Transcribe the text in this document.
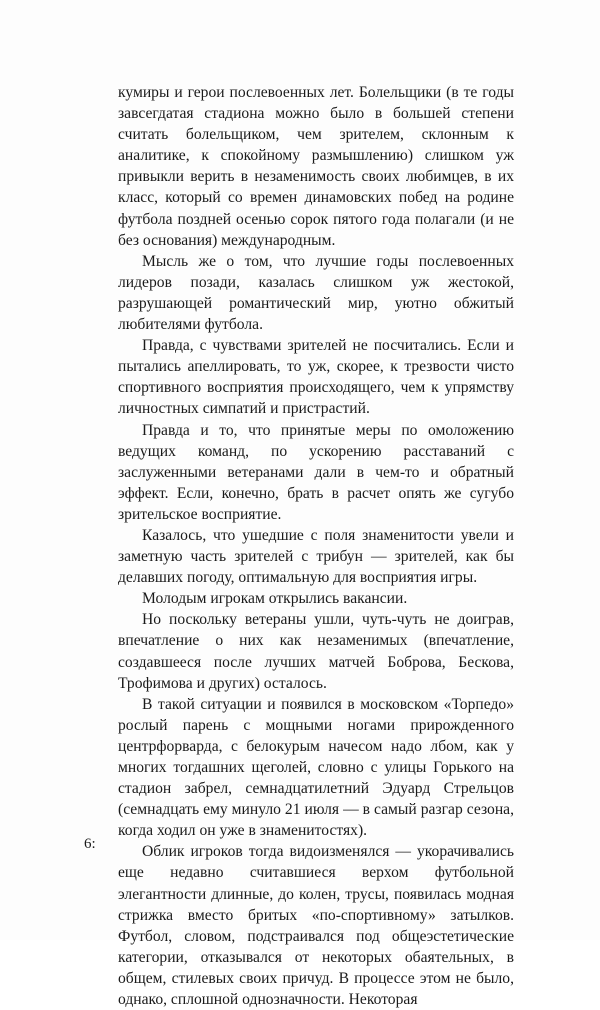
кумиры и герои послевоенных лет. Болельщики (в те годы завсегдатая стадиона можно было в большей степени считать болельщиком, чем зрителем, склонным к аналитике, к спокойному размышлению) слишком уж привыкли верить в незаменимость своих любимцев, в их класс, который со времен динамовских побед на родине футбола поздней осенью сорок пятого года полагали (и не без основания) международным.

Мысль же о том, что лучшие годы послевоенных лидеров позади, казалась слишком уж жестокой, разрушающей романтический мир, уютно обжитый любителями футбола.

Правда, с чувствами зрителей не посчитались. Если и пытались апеллировать, то уж, скорее, к трезвости чисто спортивного восприятия происходящего, чем к упрямству личностных симпатий и пристрастий.

Правда и то, что принятые меры по омоложению ведущих команд, по ускорению расставаний с заслуженными ветеранами дали в чем-то и обратный эффект. Если, конечно, брать в расчет опять же сугубо зрительское восприятие.

Казалось, что ушедшие с поля знаменитости увели и заметную часть зрителей с трибун — зрителей, как бы делавших погоду, оптимальную для восприятия игры.

Молодым игрокам открылись вакансии.

Но поскольку ветераны ушли, чуть-чуть не доиграв, впечатление о них как незаменимых (впечатление, создавшееся после лучших матчей Боброва, Бескова, Трофимова и других) осталось.

В такой ситуации и появился в московском «Торпедо» рослый парень с мощными ногами прирожденного центрфорварда, с белокурым начесом надо лбом, как у многих тогдашних щеголей, словно с улицы Горького на стадион забрел, семнадцатилетний Эдуард Стрельцов (семнадцать ему минуло 21 июля — в самый разгар сезона, когда ходил он уже в знаменитостях).

Облик игроков тогда видоизменялся — укорачивались еще недавно считавшиеся верхом футбольной элегантности длинные, до колен, трусы, появилась модная стрижка вместо бритых «по-спортивному» затылков. Футбол, словом, подстраивался под общеэстетические категории, отказывался от некоторых обаятельных, в общем, стилевых своих причуд. В процессе этом не было, однако, сплошной однозначности. Некоторая

6:
